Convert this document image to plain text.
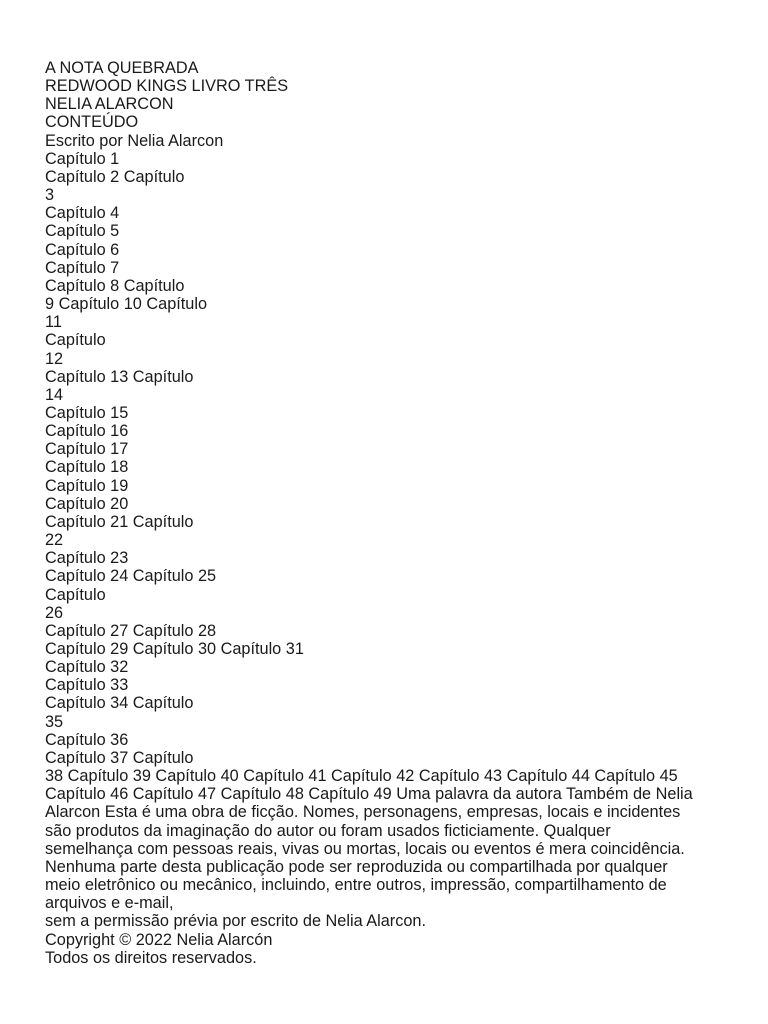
A NOTA QUEBRADA
REDWOOD KINGS LIVRO TRÊS
NELIA ALARCON
CONTEÚDO
Escrito por Nelia Alarcon
Capítulo 1
Capítulo 2 Capítulo
3
Capítulo 4
Capítulo 5
Capítulo 6
Capítulo 7
Capítulo 8 Capítulo
9 Capítulo 10 Capítulo
11
Capítulo
12
Capítulo 13 Capítulo
14
Capítulo 15
Capítulo 16
Capítulo 17
Capítulo 18
Capítulo 19
Capítulo 20
Capítulo 21 Capítulo
22
Capítulo 23
Capítulo 24 Capítulo 25
Capítulo
26
Capítulo 27 Capítulo 28
Capítulo 29 Capítulo 30 Capítulo 31
Capítulo 32
Capítulo 33
Capítulo 34 Capítulo
35
Capítulo 36
Capítulo 37 Capítulo
38 Capítulo 39 Capítulo 40 Capítulo 41 Capítulo 42 Capítulo 43 Capítulo 44 Capítulo 45
Capítulo 46 Capítulo 47 Capítulo 48 Capítulo 49 Uma palavra da autora Também de Nelia
Alarcon Esta é uma obra de ficção. Nomes, personagens, empresas, locais e incidentes
são produtos da imaginação do autor ou foram usados ficticiamente. Qualquer
semelhança com pessoas reais, vivas ou mortas, locais ou eventos é mera coincidência.
Nenhuma parte desta publicação pode ser reproduzida ou compartilhada por qualquer
meio eletrônico ou mecânico, incluindo, entre outros, impressão, compartilhamento de
arquivos e e-mail,
sem a permissão prévia por escrito de Nelia Alarcon.
Copyright © 2022 Nelia Alarcón
Todos os direitos reservados.
